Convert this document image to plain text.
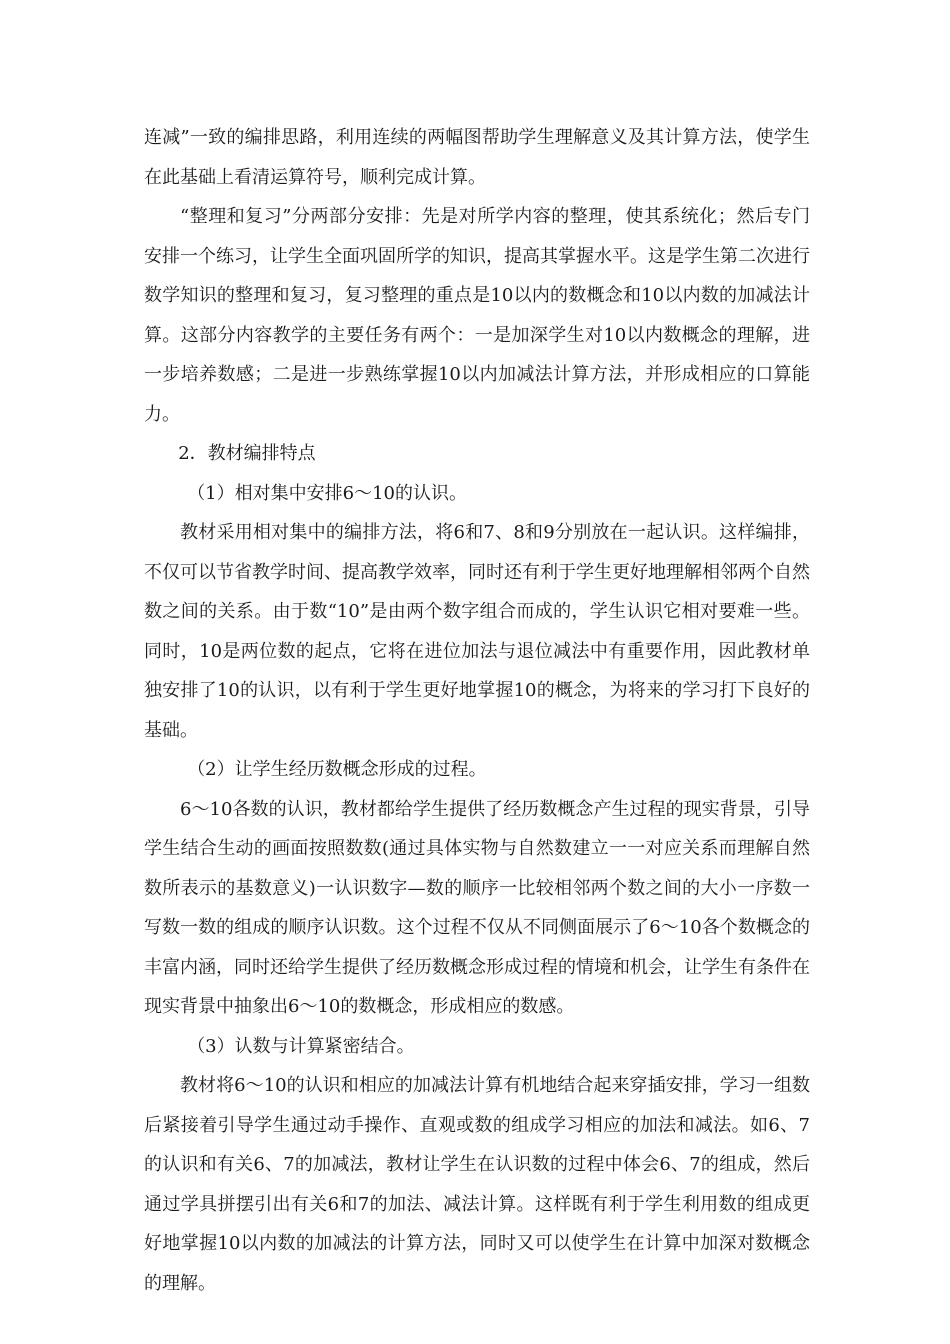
连减”一致的编排思路，利用连续的两幅图帮助学生理解意义及其计算方法，使学生在此基础上看清运算符号，顺利完成计算。

“整理和复习”分两部分安排：先是对所学内容的整理，使其系统化；然后专门安排一个练习，让学生全面巩固所学的知识，提高其掌握水平。这是学生第二次进行数学知识的整理和复习，复习整理的重点是10以内的数概念和10以内数的加减法计算。这部分内容教学的主要任务有两个：一是加深学生对10以内数概念的理解，进一步培养数感；二是进一步熟练掌握10以内加减法计算方法，并形成相应的口算能力。

2．教材编排特点

（1）相对集中安排6～10的认识。

教材采用相对集中的编排方法，将6和7、8和9分别放在一起认识。这样编排，不仅可以节省教学时间、提高教学效率，同时还有利于学生更好地理解相邻两个自然数之间的关系。由于数“10”是由两个数字组合而成的，学生认识它相对要难一些。同时，10是两位数的起点，它将在进位加法与退位减法中有重要作用，因此教材单独安排了10的认识，以有利于学生更好地掌握10的概念，为将来的学习打下良好的基础。

（2）让学生经历数概念形成的过程。

6～10各数的认识，教材都给学生提供了经历数概念产生过程的现实背景，引导学生结合生动的画面按照数数(通过具体实物与自然数建立一一对应关系而理解自然数所表示的基数意义)一认识数字—数的顺序一比较相邻两个数之间的大小一序数一写数一数的组成的顺序认识数。这个过程不仅从不同侧面展示了6～10各个数概念的丰富内涵，同时还给学生提供了经历数概念形成过程的情境和机会，让学生有条件在现实背景中抽象出6～10的数概念，形成相应的数感。

（3）认数与计算紧密结合。

教材将6～10的认识和相应的加减法计算有机地结合起来穿插安排，学习一组数后紧接着引导学生通过动手操作、直观或数的组成学习相应的加法和减法。如6、7的认识和有关6、7的加减法，教材让学生在认识数的过程中体会6、7的组成，然后通过学具拼摆引出有关6和7的加法、减法计算。这样既有利于学生利用数的组成更好地掌握10以内数的加减法的计算方法，同时又可以使学生在计算中加深对数概念的理解。
